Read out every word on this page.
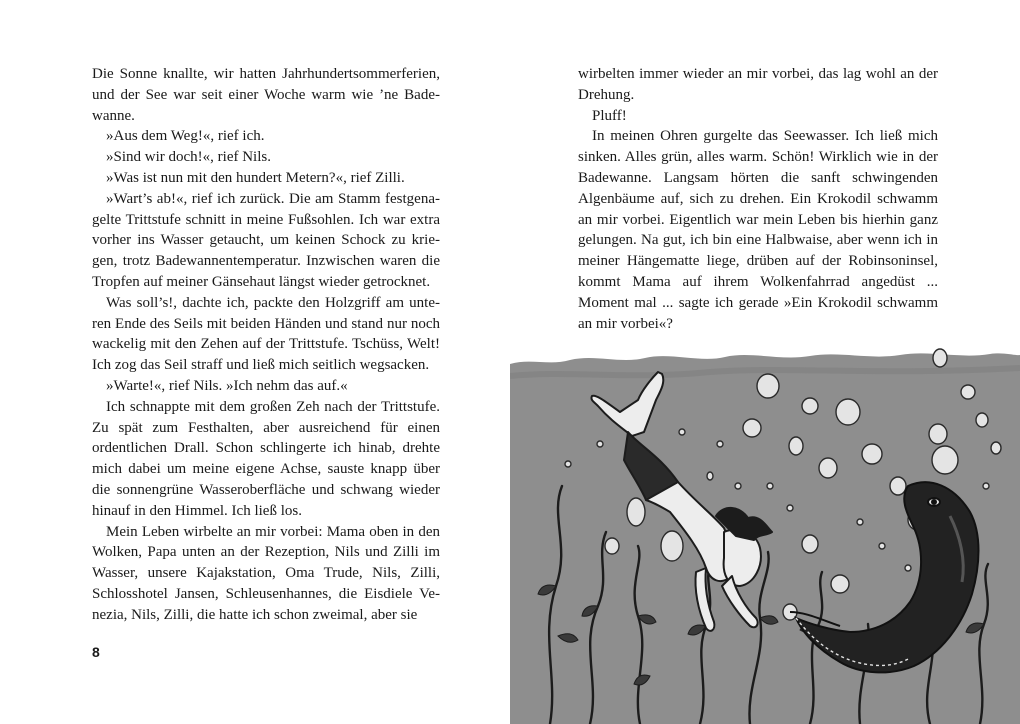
Die Sonne knallte, wir hatten Jahrhundertsommerferien, und der See war seit einer Woche warm wie ’ne Badewanne.

»Aus dem Weg!«, rief ich.

»Sind wir doch!«, rief Nils.

»Was ist nun mit den hundert Metern?«, rief Zilli.

»Wart’s ab!«, rief ich zurück. Die am Stamm festgenagelte Trittstufe schnitt in meine Fußsohlen. Ich war extra vorher ins Wasser getaucht, um keinen Schock zu kriegen, trotz Badewannentemperatur. Inzwischen waren die Tropfen auf meiner Gänsehaut längst wieder getrocknet.

Was soll’s!, dachte ich, packte den Holzgriff am unteren Ende des Seils mit beiden Händen und stand nur noch wackelig mit den Zehen auf der Trittstufe. Tschüss, Welt! Ich zog das Seil straff und ließ mich seitlich wegsacken.

»Warte!«, rief Nils. »Ich nehm das auf.«

Ich schnappte mit dem großen Zeh nach der Trittstufe. Zu spät zum Festhalten, aber ausreichend für einen ordentlichen Drall. Schon schlingerte ich hinab, drehte mich dabei um meine eigene Achse, sauste knapp über die sonnengrüne Wasseroberfläche und schwang wieder hinauf in den Himmel. Ich ließ los.

Mein Leben wirbelte an mir vorbei: Mama oben in den Wolken, Papa unten an der Rezeption, Nils und Zilli im Wasser, unsere Kajakstation, Oma Trude, Nils, Zilli, Schlosshotel Jansen, Schleusenhannes, die Eisdiele Venezia, Nils, Zilli, die hatte ich schon zweimal, aber sie

8

wirbelten immer wieder an mir vorbei, das lag wohl an der Drehung.

Pluff!

In meinen Ohren gurgelte das Seewasser. Ich ließ mich sinken. Alles grün, alles warm. Schön! Wirklich wie in der Badewanne. Langsam hörten die sanft schwingenden Algenbäume auf, sich zu drehen. Ein Krokodil schwamm an mir vorbei. Eigentlich war mein Leben bis hierhin ganz gelungen. Na gut, ich bin eine Halbwaise, aber wenn ich in meiner Hängematte liege, drüben auf der Robinsoninsel, kommt Mama auf ihrem Wolkenfahrrad angedüst ... Moment mal ... sagte ich gerade »Ein Krokodil schwamm an mir vorbei«?
